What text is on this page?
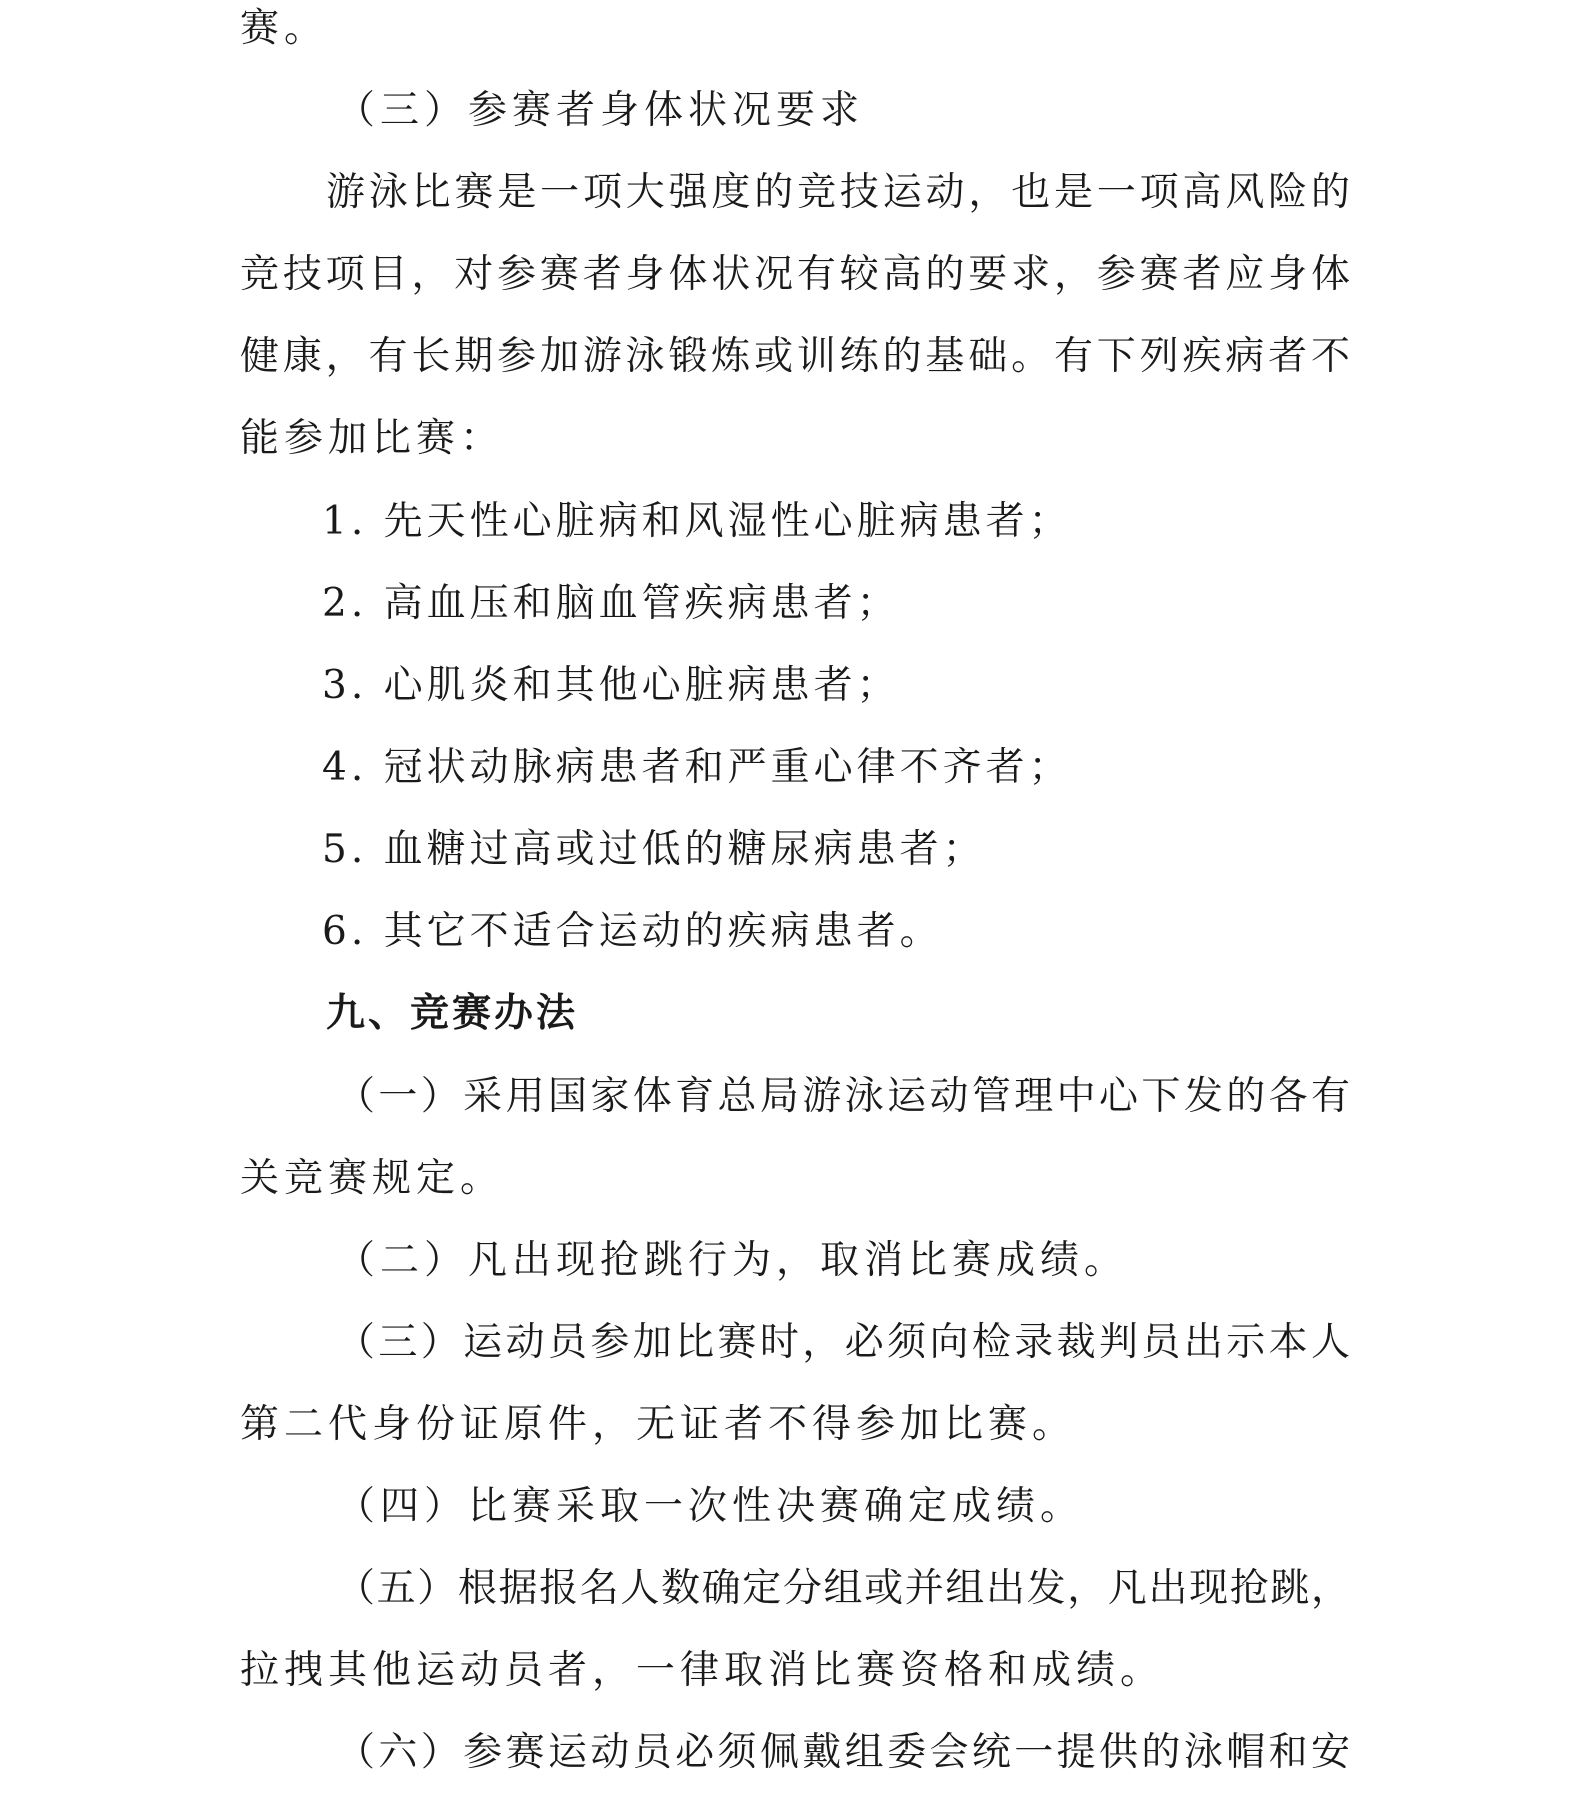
赛。
（三）参赛者身体状况要求
游泳比赛是一项大强度的竞技运动，也是一项高风险的
竞技项目，对参赛者身体状况有较高的要求，参赛者应身体
健康，有长期参加游泳锻炼或训练的基础。有下列疾病者不
能参加比赛：
1. 先天性心脏病和风湿性心脏病患者；
2. 高血压和脑血管疾病患者；
3. 心肌炎和其他心脏病患者；
4. 冠状动脉病患者和严重心律不齐者；
5. 血糖过高或过低的糖尿病患者；
6. 其它不适合运动的疾病患者。
九、竞赛办法
（一）采用国家体育总局游泳运动管理中心下发的各有
关竞赛规定。
（二）凡出现抢跳行为，取消比赛成绩。
（三）运动员参加比赛时，必须向检录裁判员出示本人
第二代身份证原件，无证者不得参加比赛。
（四）比赛采取一次性决赛确定成绩。
（五）根据报名人数确定分组或并组出发，凡出现抢跳，
拉拽其他运动员者，一律取消比赛资格和成绩。
（六）参赛运动员必须佩戴组委会统一提供的泳帽和安
